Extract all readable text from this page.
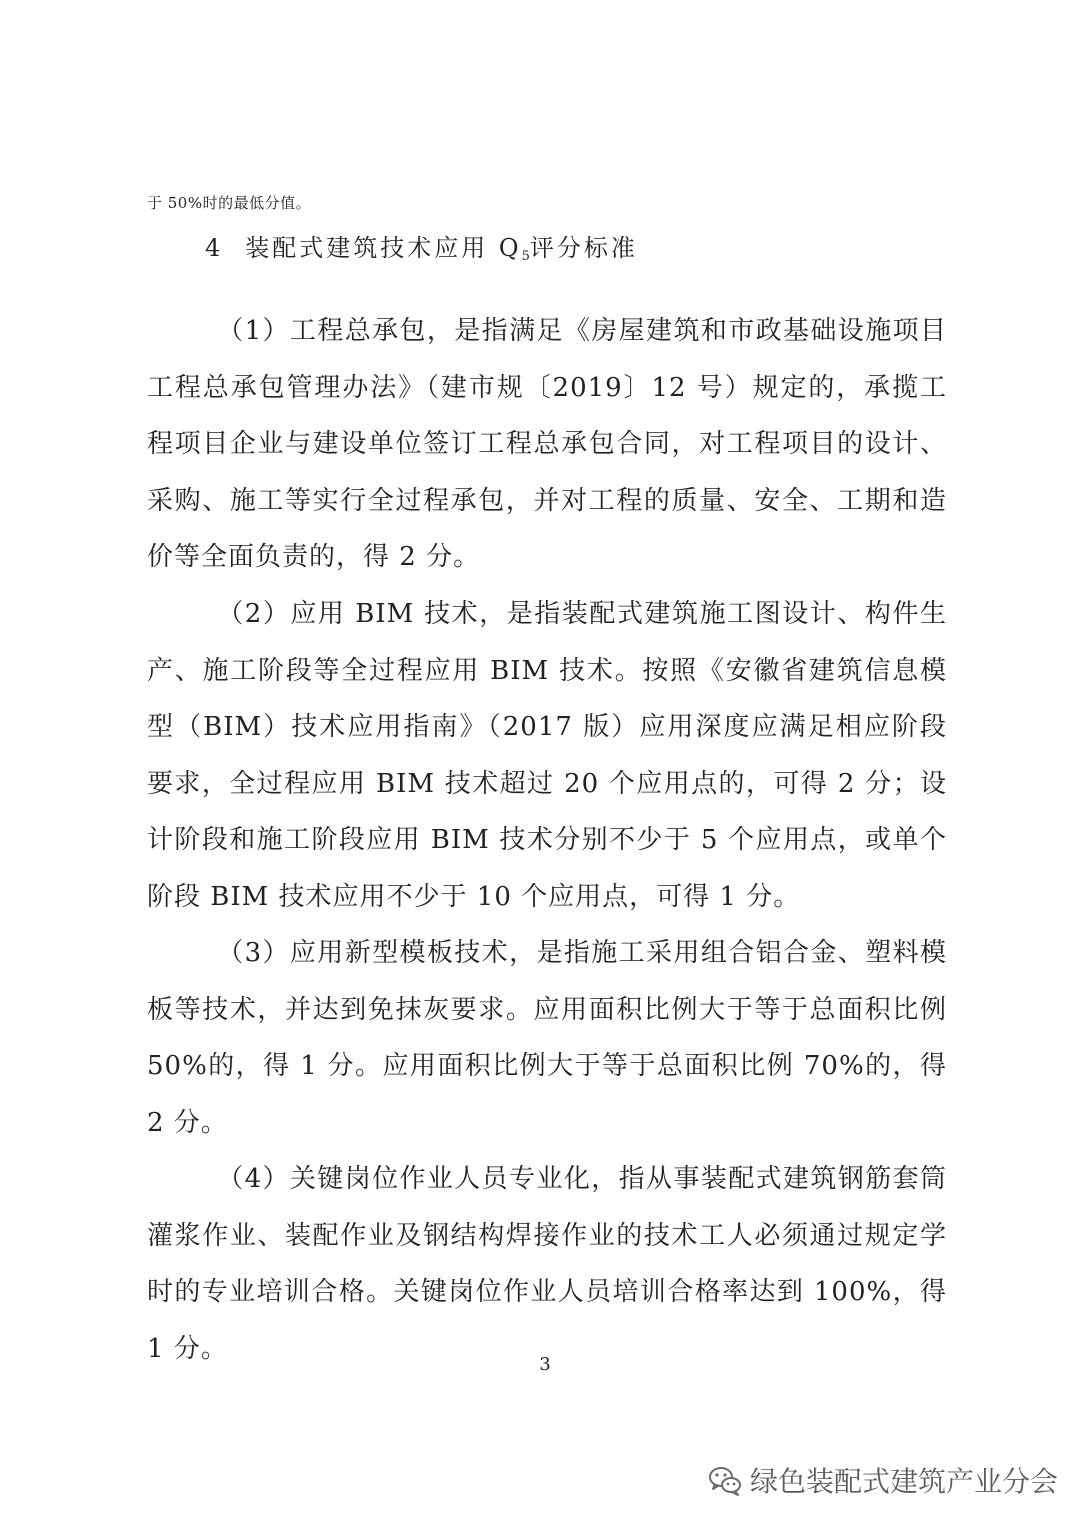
于 50%时的最低分值。
4 装配式建筑技术应用 $Q_5$评分标准

（1）工程总承包，是指满足《房屋建筑和市政基础设施项目工程总承包管理办法》（建市规〔2019〕12 号）规定的，承揽工程项目企业与建设单位签订工程总承包合同，对工程项目的设计、采购、施工等实行全过程承包，并对工程的质量、安全、工期和造价等全面负责的，得 2 分。

（2）应用 BIM 技术，是指装配式建筑施工图设计、构件生产、施工阶段等全过程应用 BIM 技术。按照《安徽省建筑信息模型（BIM）技术应用指南》（2017 版）应用深度应满足相应阶段要求，全过程应用 BIM 技术超过 20 个应用点的，可得 2 分；设计阶段和施工阶段应用 BIM 技术分别不少于 5 个应用点，或单个阶段 BIM 技术应用不少于 10 个应用点，可得 1 分。

（3）应用新型模板技术，是指施工采用组合铝合金、塑料模板等技术，并达到免抹灰要求。应用面积比例大于等于总面积比例 50%的，得 1 分。应用面积比例大于等于总面积比例 70%的，得 2 分。

（4）关键岗位作业人员专业化，指从事装配式建筑钢筋套筒灌浆作业、装配作业及钢结构焊接作业的技术工人必须通过规定学时的专业培训合格。关键岗位作业人员培训合格率达到 100%，得 1 分。

3
绿色装配式建筑产业分会
